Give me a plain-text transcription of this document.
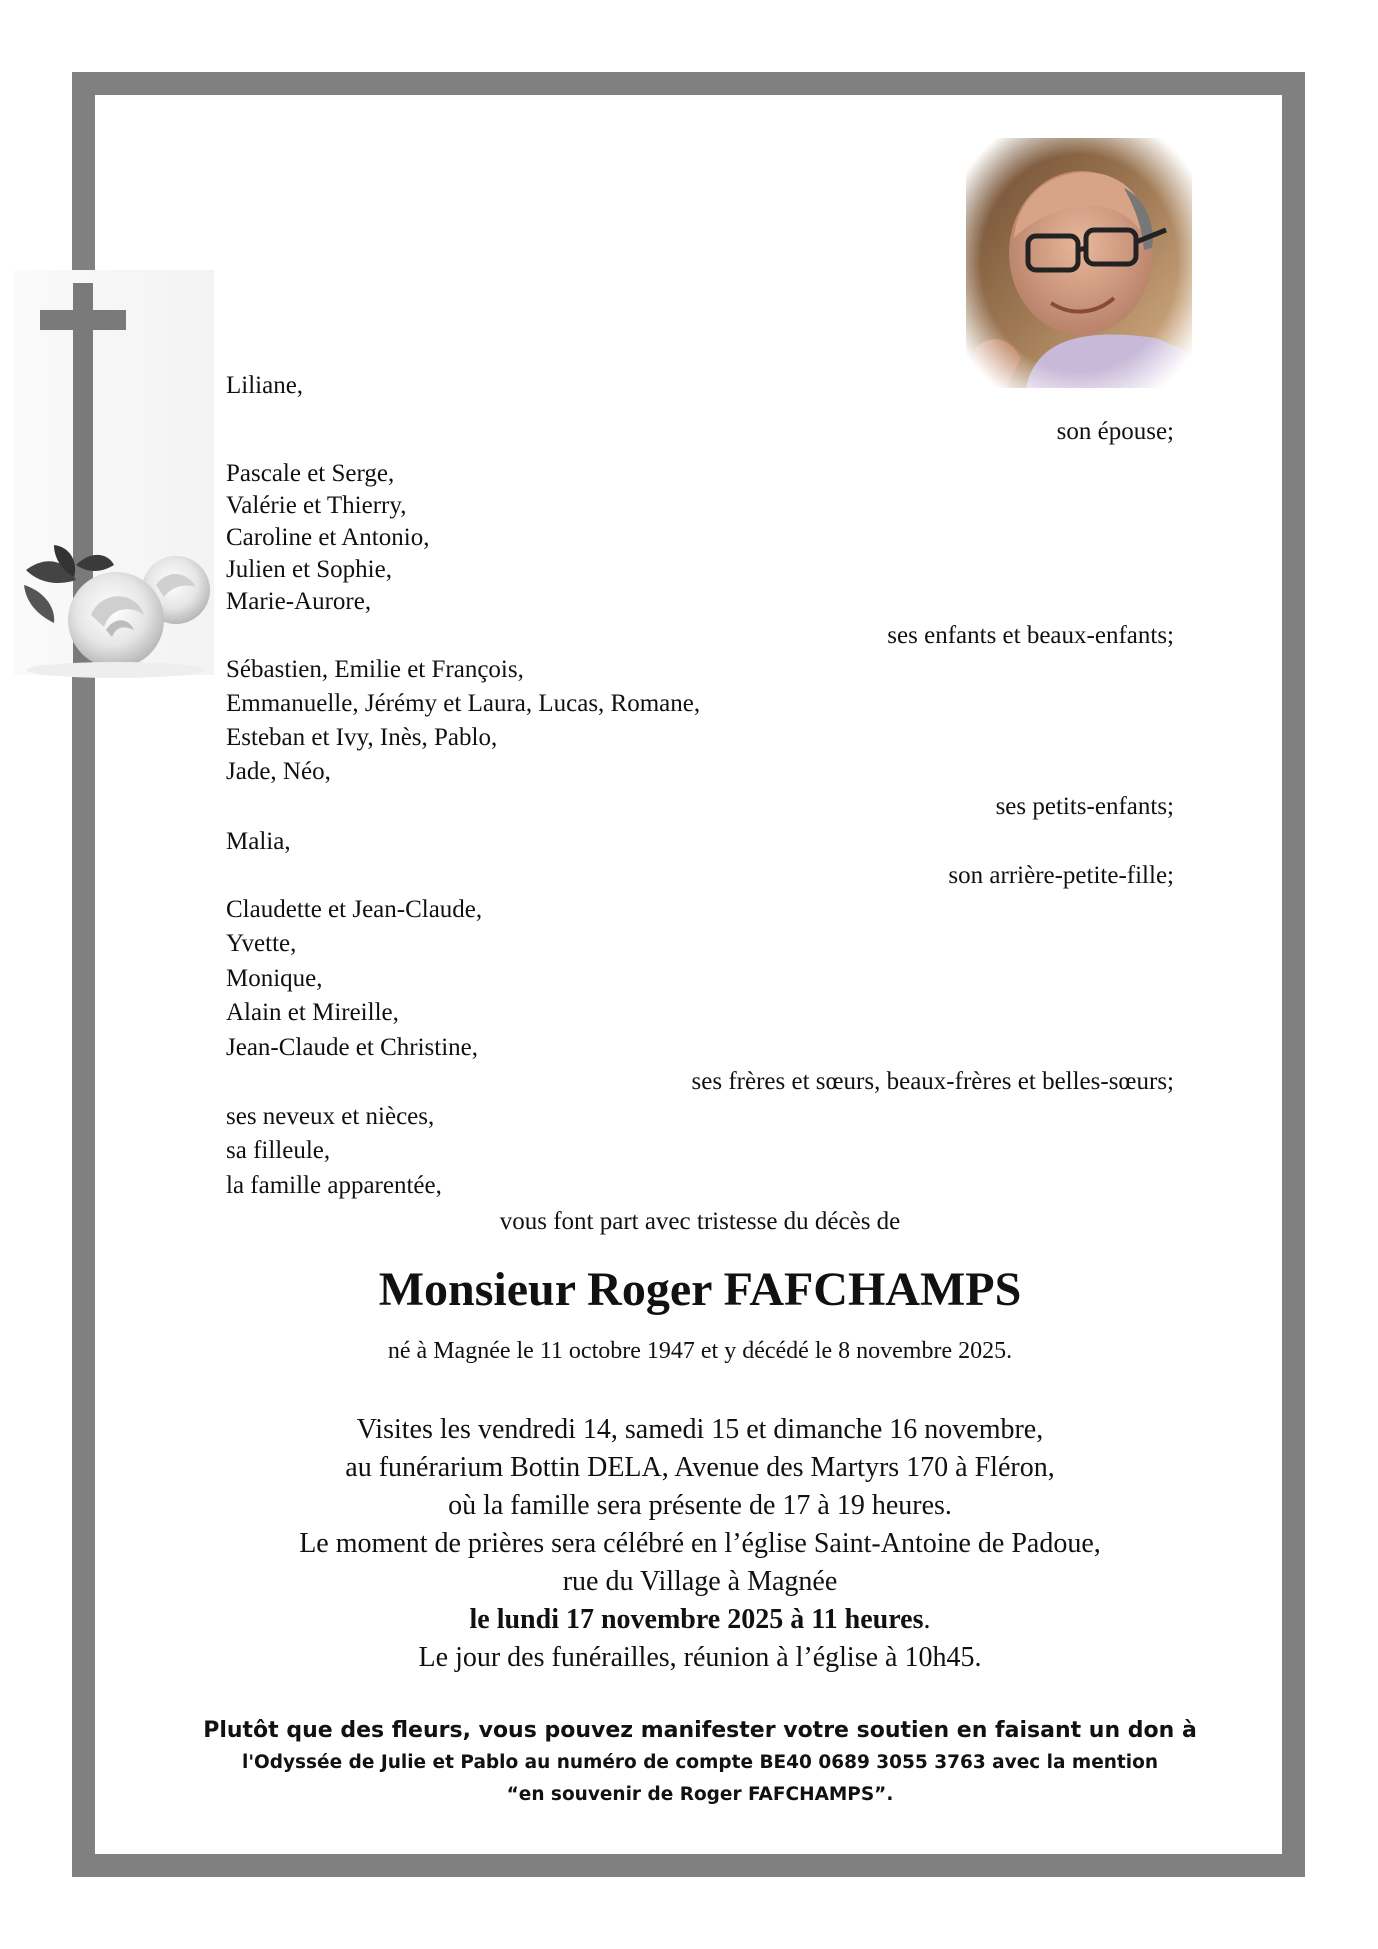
Liliane,
son épouse;
Pascale et Serge,
Valérie et Thierry,
Caroline et Antonio,
Julien et Sophie,
Marie-Aurore,
ses enfants et beaux-enfants;
Sébastien, Emilie et François,
Emmanuelle, Jérémy et Laura, Lucas, Romane,
Esteban et Ivy, Inès, Pablo,
Jade, Néo,
ses petits-enfants;
Malia,
son arrière-petite-fille;
Claudette et Jean-Claude,
Yvette,
Monique,
Alain et Mireille,
Jean-Claude et Christine,
ses frères et sœurs, beaux-frères et belles-sœurs;
ses neveux et nièces,
sa filleule,
la famille apparentée,
vous font part avec tristesse du décès de
Monsieur Roger FAFCHAMPS
né à Magnée le 11 octobre 1947 et y décédé le 8 novembre 2025.
Visites les vendredi 14, samedi 15 et dimanche 16 novembre,
au funérarium Bottin DELA, Avenue des Martyrs 170 à Fléron,
où la famille sera présente de 17 à 19 heures.
Le moment de prières sera célébré en l’église Saint-Antoine de Padoue,
rue du Village à Magnée
le lundi 17 novembre 2025 à 11 heures.
Le jour des funérailles, réunion à l’église à 10h45.
Plutôt que des fleurs, vous pouvez manifester votre soutien en faisant un don à
l'Odyssée de Julie et Pablo au numéro de compte BE40 0689 3055 3763 avec la mention
“en souvenir de Roger FAFCHAMPS”.
